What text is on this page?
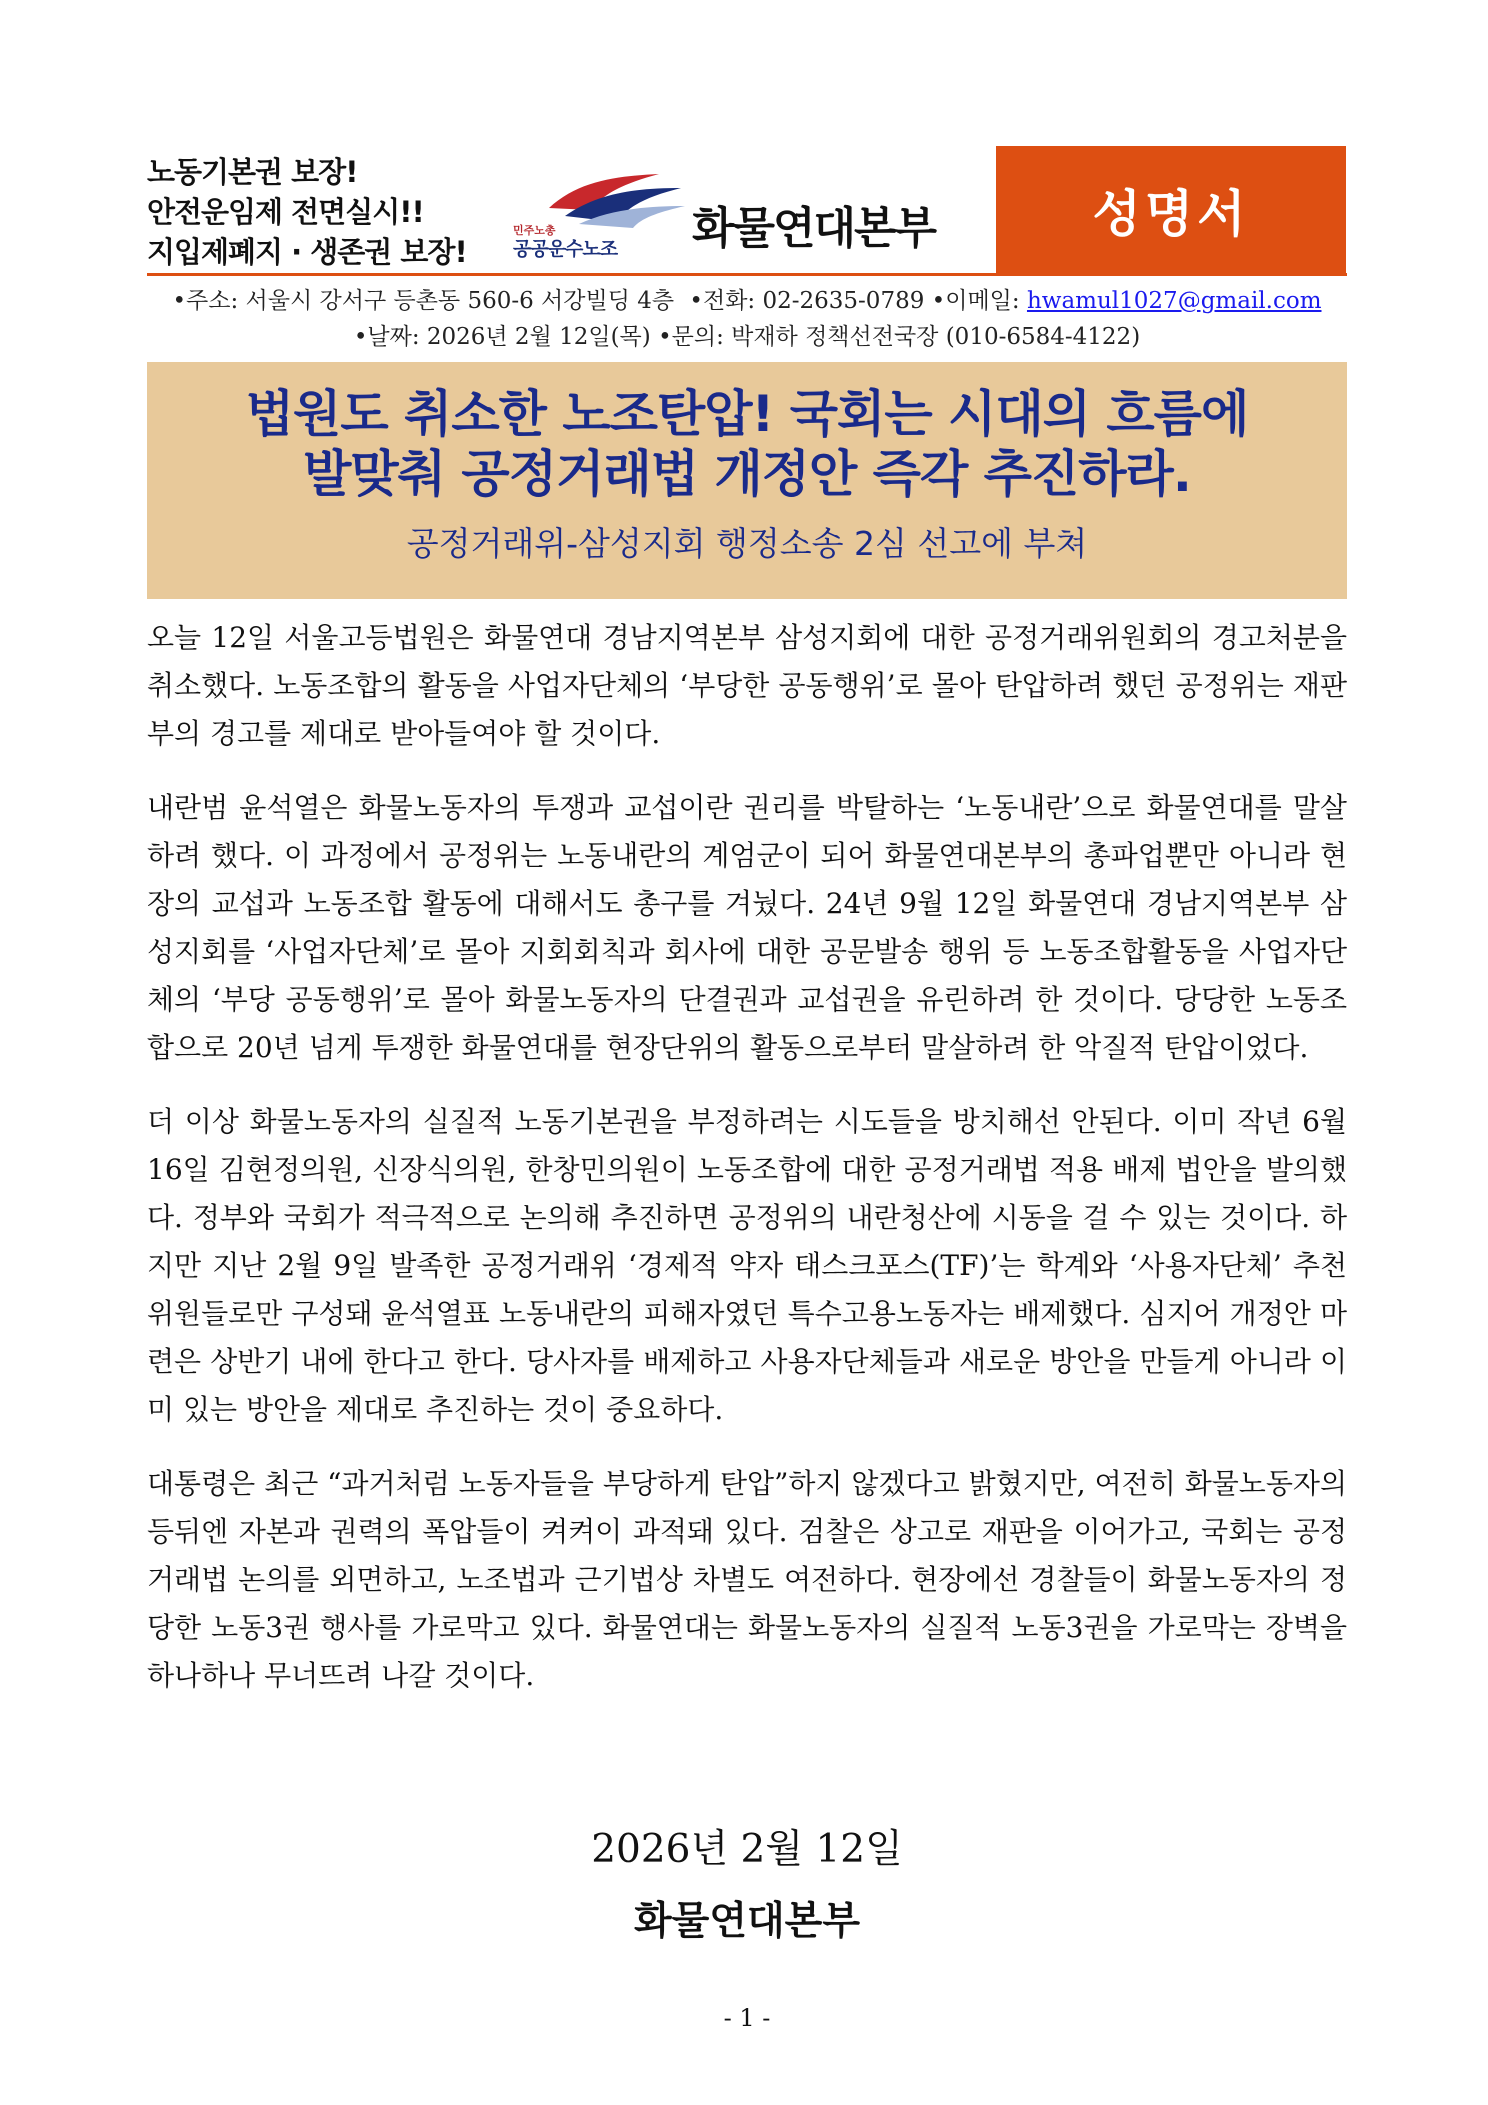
노동기본권 보장!
안전운임제 전면실시!!
지입제폐지 · 생존권 보장!
민주노총
공공운수노조 화물연대본부	성명서
•주소: 서울시 강서구 등촌동 560-6 서강빌딩 4층 •전화: 02-2635-0789 •이메일: hwamul1027@gmail.com
•날짜: 2026년 2월 12일(목) •문의: 박재하 정책선전국장 (010-6584-4122)
법원도 취소한 노조탄압! 국회는 시대의 흐름에
발맞춰 공정거래법 개정안 즉각 추진하라.
공정거래위-삼성지회 행정소송 2심 선고에 부쳐

오늘 12일 서울고등법원은 화물연대 경남지역본부 삼성지회에 대한 공정거래위원회의 경고처분을 취소했다. 노동조합의 활동을 사업자단체의 ‘부당한 공동행위’로 몰아 탄압하려 했던 공정위는 재판부의 경고를 제대로 받아들여야 할 것이다.

내란범 윤석열은 화물노동자의 투쟁과 교섭이란 권리를 박탈하는 ‘노동내란’으로 화물연대를 말살하려 했다. 이 과정에서 공정위는 노동내란의 계엄군이 되어 화물연대본부의 총파업뿐만 아니라 현장의 교섭과 노동조합 활동에 대해서도 총구를 겨눴다. 24년 9월 12일 화물연대 경남지역본부 삼성지회를 ‘사업자단체’로 몰아 지회회칙과 회사에 대한 공문발송 행위 등 노동조합활동을 사업자단체의 ‘부당 공동행위’로 몰아 화물노동자의 단결권과 교섭권을 유린하려 한 것이다. 당당한 노동조합으로 20년 넘게 투쟁한 화물연대를 현장단위의 활동으로부터 말살하려 한 악질적 탄압이었다.

더 이상 화물노동자의 실질적 노동기본권을 부정하려는 시도들을 방치해선 안된다. 이미 작년 6월 16일 김현정의원, 신장식의원, 한창민의원이 노동조합에 대한 공정거래법 적용 배제 법안을 발의했다. 정부와 국회가 적극적으로 논의해 추진하면 공정위의 내란청산에 시동을 걸 수 있는 것이다. 하지만 지난 2월 9일 발족한 공정거래위 ‘경제적 약자 태스크포스(TF)’는 학계와 ‘사용자단체’ 추천 위원들로만 구성돼 윤석열표 노동내란의 피해자였던 특수고용노동자는 배제했다. 심지어 개정안 마련은 상반기 내에 한다고 한다. 당사자를 배제하고 사용자단체들과 새로운 방안을 만들게 아니라 이미 있는 방안을 제대로 추진하는 것이 중요하다.

대통령은 최근 “과거처럼 노동자들을 부당하게 탄압”하지 않겠다고 밝혔지만, 여전히 화물노동자의 등뒤엔 자본과 권력의 폭압들이 켜켜이 과적돼 있다. 검찰은 상고로 재판을 이어가고, 국회는 공정거래법 논의를 외면하고, 노조법과 근기법상 차별도 여전하다. 현장에선 경찰들이 화물노동자의 정당한 노동3권 행사를 가로막고 있다. 화물연대는 화물노동자의 실질적 노동3권을 가로막는 장벽을 하나하나 무너뜨려 나갈 것이다.

2026년 2월 12일
화물연대본부
- 1 -
